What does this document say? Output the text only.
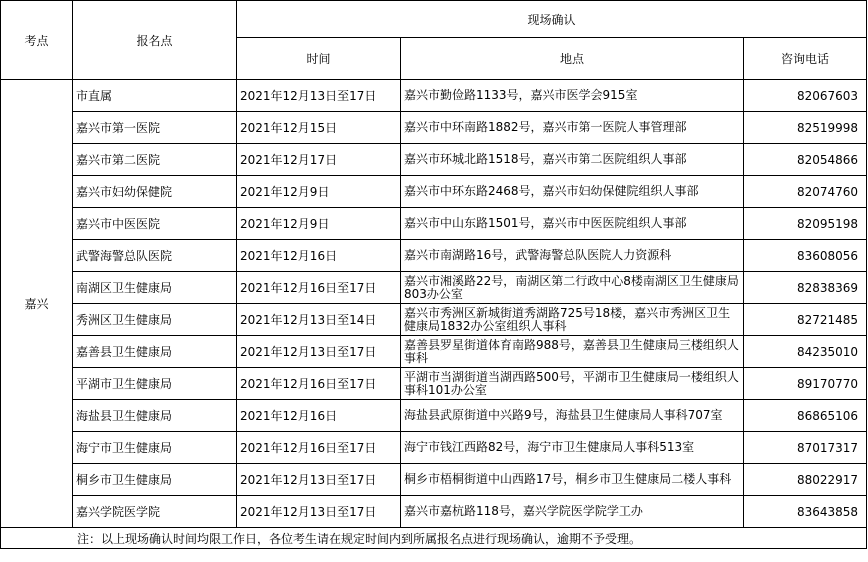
考点	报名点	现场确认		
		时间	地点	咨询电话
嘉兴	市直属	2021年12月13日至17日	嘉兴市勤俭路1133号，嘉兴市医学会915室	82067603
	嘉兴市第一医院	2021年12月15日	嘉兴市中环南路1882号，嘉兴市第一医院人事管理部	82519998
	嘉兴市第二医院	2021年12月17日	嘉兴市环城北路1518号，嘉兴市第二医院组织人事部	82054866
	嘉兴市妇幼保健院	2021年12月9日	嘉兴市中环东路2468号，嘉兴市妇幼保健院组织人事部	82074760
	嘉兴市中医医院	2021年12月9日	嘉兴市中山东路1501号，嘉兴市中医医院组织人事部	82095198
	武警海警总队医院	2021年12月16日	嘉兴市南湖路16号，武警海警总队医院人力资源科	83608056
	南湖区卫生健康局	2021年12月16日至17日	嘉兴市湘溪路22号，南湖区第二行政中心8楼南湖区卫生健康局803办公室	82838369
	秀洲区卫生健康局	2021年12月13日至14日	嘉兴市秀洲区新城街道秀湖路725号18楼，嘉兴市秀洲区卫生健康局1832办公室组织人事科	82721485
	嘉善县卫生健康局	2021年12月13日至17日	嘉善县罗星街道体育南路988号，嘉善县卫生健康局三楼组织人事科	84235010
	平湖市卫生健康局	2021年12月16日至17日	平湖市当湖街道当湖西路500号，平湖市卫生健康局一楼组织人事科101办公室	89170770
	海盐县卫生健康局	2021年12月16日	海盐县武原街道中兴路9号，海盐县卫生健康局人事科707室	86865106
	海宁市卫生健康局	2021年12月16日至17日	海宁市钱江西路82号，海宁市卫生健康局人事科513室	87017317
	桐乡市卫生健康局	2021年12月13日至17日	桐乡市梧桐街道中山西路17号，桐乡市卫生健康局二楼人事科	88022917
	嘉兴学院医学院	2021年12月13日至17日	嘉兴市嘉杭路118号，嘉兴学院医学院学工办	83643858
注：以上现场确认时间均限工作日，各位考生请在规定时间内到所属报名点进行现场确认，逾期不予受理。				
